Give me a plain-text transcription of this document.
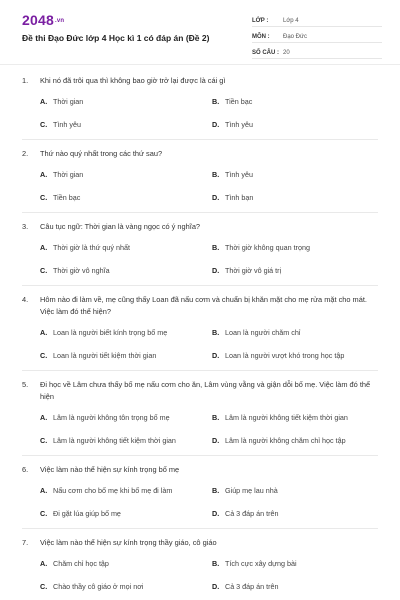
2048.vn
Đề thi Đạo Đức lớp 4 Học kì 1 có đáp án (Đề 2)
LỚP :	Lớp 4
MÔN :	Đạo Đức
SỐ CÂU : 20
1.	Khi nó đã trôi qua thì không bao giờ trở lại được là cái gì
A. Thời gian	B. Tiền bạc
C. Tình yêu	D. Tình yêu
2.	Thứ nào quý nhất trong các thứ sau?
A. Thời gian	B. Tình yêu
C. Tiền bạc	D. Tình bạn
3.	Câu tục ngữ: Thời gian là vàng ngọc có ý nghĩa?
A. Thời giờ là thứ quý nhất	B. Thời giờ không quan trọng
C. Thời giờ vô nghĩa	D. Thời giờ vô giá trị
4.	Hôm nào đi làm về, mẹ cũng thấy Loan đã nấu cơm và chuẩn bị khăn mặt cho mẹ rửa mặt cho mát. Việc làm đó thể hiện?
A. Loan là người biết kính trọng bố mẹ	B. Loan là người chăm chỉ
C. Loan là người tiết kiệm thời gian	D. Loan là người vượt khó trong học tập
5.	Đi học về Lâm chưa thấy bố mẹ nấu cơm cho ăn, Lâm vùng vằng và giận dỗi bố mẹ. Việc làm đó thể hiện
A. Lâm là người không tôn trọng bố mẹ	B. Lâm là người không tiết kiệm thời gian
C. Lâm là người không tiết kiệm thời gian	D. Lâm là người không chăm chỉ học tập
6.	Việc làm nào thể hiện sự kính trọng bố mẹ
A. Nấu cơm cho bố mẹ khi bố mẹ đi làm	B. Giúp mẹ lau nhà
C. Đi gặt lúa giúp bố mẹ	D. Cả 3 đáp án trên
7.	Việc làm nào thể hiện sự kính trọng thầy giáo, cô giáo
A. Chăm chỉ học tập	B. Tích cực xây dựng bài
C. Chào thầy cô giáo ở mọi nơi	D. Cả 3 đáp án trên
